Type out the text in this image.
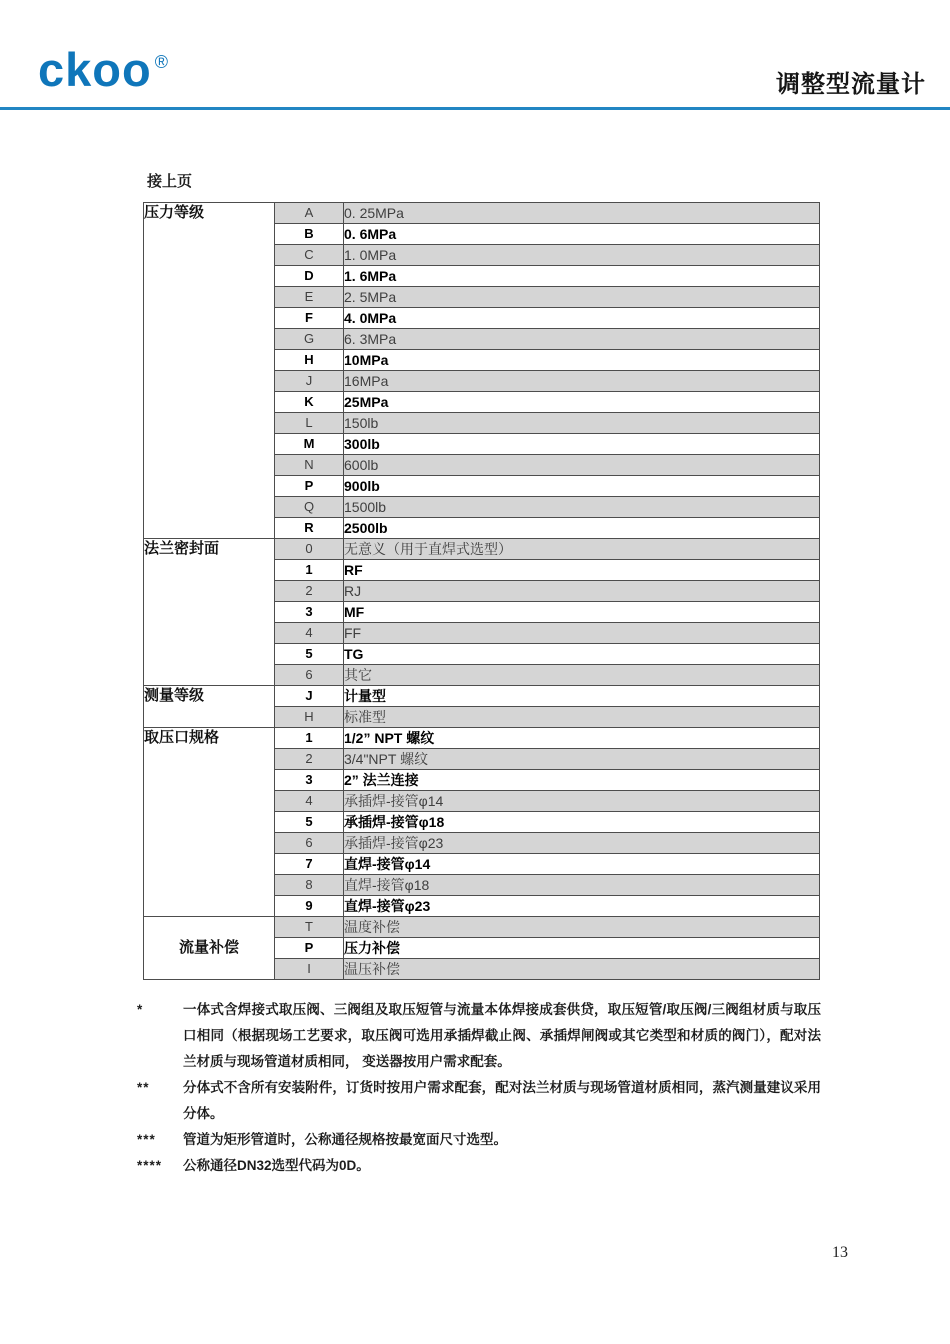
ckoo ®
调整型流量计
接上页
压力等级	A	0. 25MPa
	B	0. 6MPa
	C	1. 0MPa
	D	1. 6MPa
	E	2. 5MPa
	F	4. 0MPa
	G	6. 3MPa
	H	10MPa
	J	16MPa
	K	25MPa
	L	150lb
	M	300lb
	N	600lb
	P	900lb
	Q	1500lb
	R	2500lb
法兰密封面	0	无意义（用于直焊式选型）
	1	RF
	2	RJ
	3	MF
	4	FF
	5	TG
	6	其它
测量等级	J	计量型
	H	标准型
取压口规格	1	1/2” NPT 螺纹
	2	3/4"NPT 螺纹
	3	2” 法兰连接
	4	承插焊-接管φ14
	5	承插焊-接管φ18
	6	承插焊-接管φ23
	7	直焊-接管φ14
	8	直焊-接管φ18
	9	直焊-接管φ23
流量补偿	T	温度补偿
	P	压力补偿
	I	温压补偿
*	一体式含焊接式取压阀、三阀组及取压短管与流量本体焊接成套供贷，取压短管/取压阀/三阀组材质与取压口相同（根据现场工艺要求，取压阀可选用承插焊截止阀、承插焊闸阀或其它类型和材质的阀门），配对法兰材质与现场管道材质相同， 变送器按用户需求配套。
**	分体式不含所有安装附件，订货时按用户需求配套，配对法兰材质与现场管道材质相同，蒸汽测量建议采用分体。
***	管道为矩形管道时，公称通径规格按最宽面尺寸选型。
****	公称通径DN32选型代码为0D。
13
